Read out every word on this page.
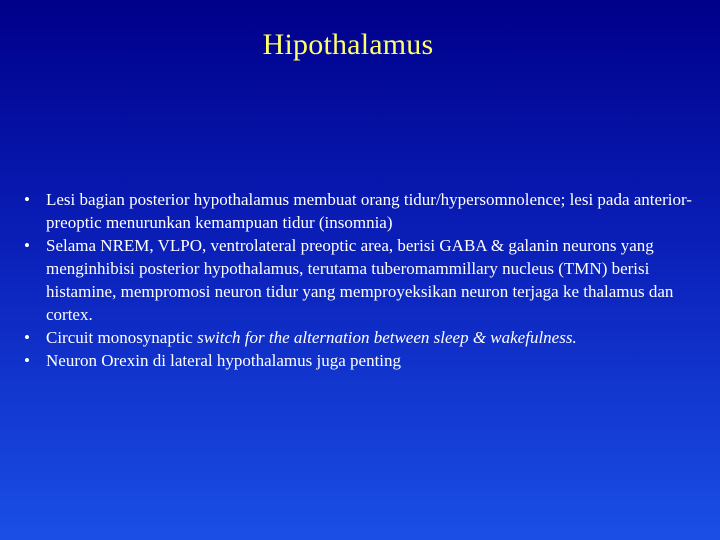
Hipothalamus
• Lesi bagian posterior hypothalamus membuat orang tidur/hypersomnolence; lesi pada anterior-preoptic menurunkan kemampuan tidur (insomnia)
• Selama NREM, VLPO, ventrolateral preoptic area, berisi GABA & galanin neurons yang menginhibisi posterior hypothalamus, terutama tuberomammillary nucleus (TMN) berisi histamine, mempromosi neuron tidur yang memproyeksikan neuron terjaga ke thalamus dan cortex.
• Circuit monosynaptic switch for the alternation between sleep & wakefulness.
• Neuron Orexin di lateral hypothalamus juga penting
